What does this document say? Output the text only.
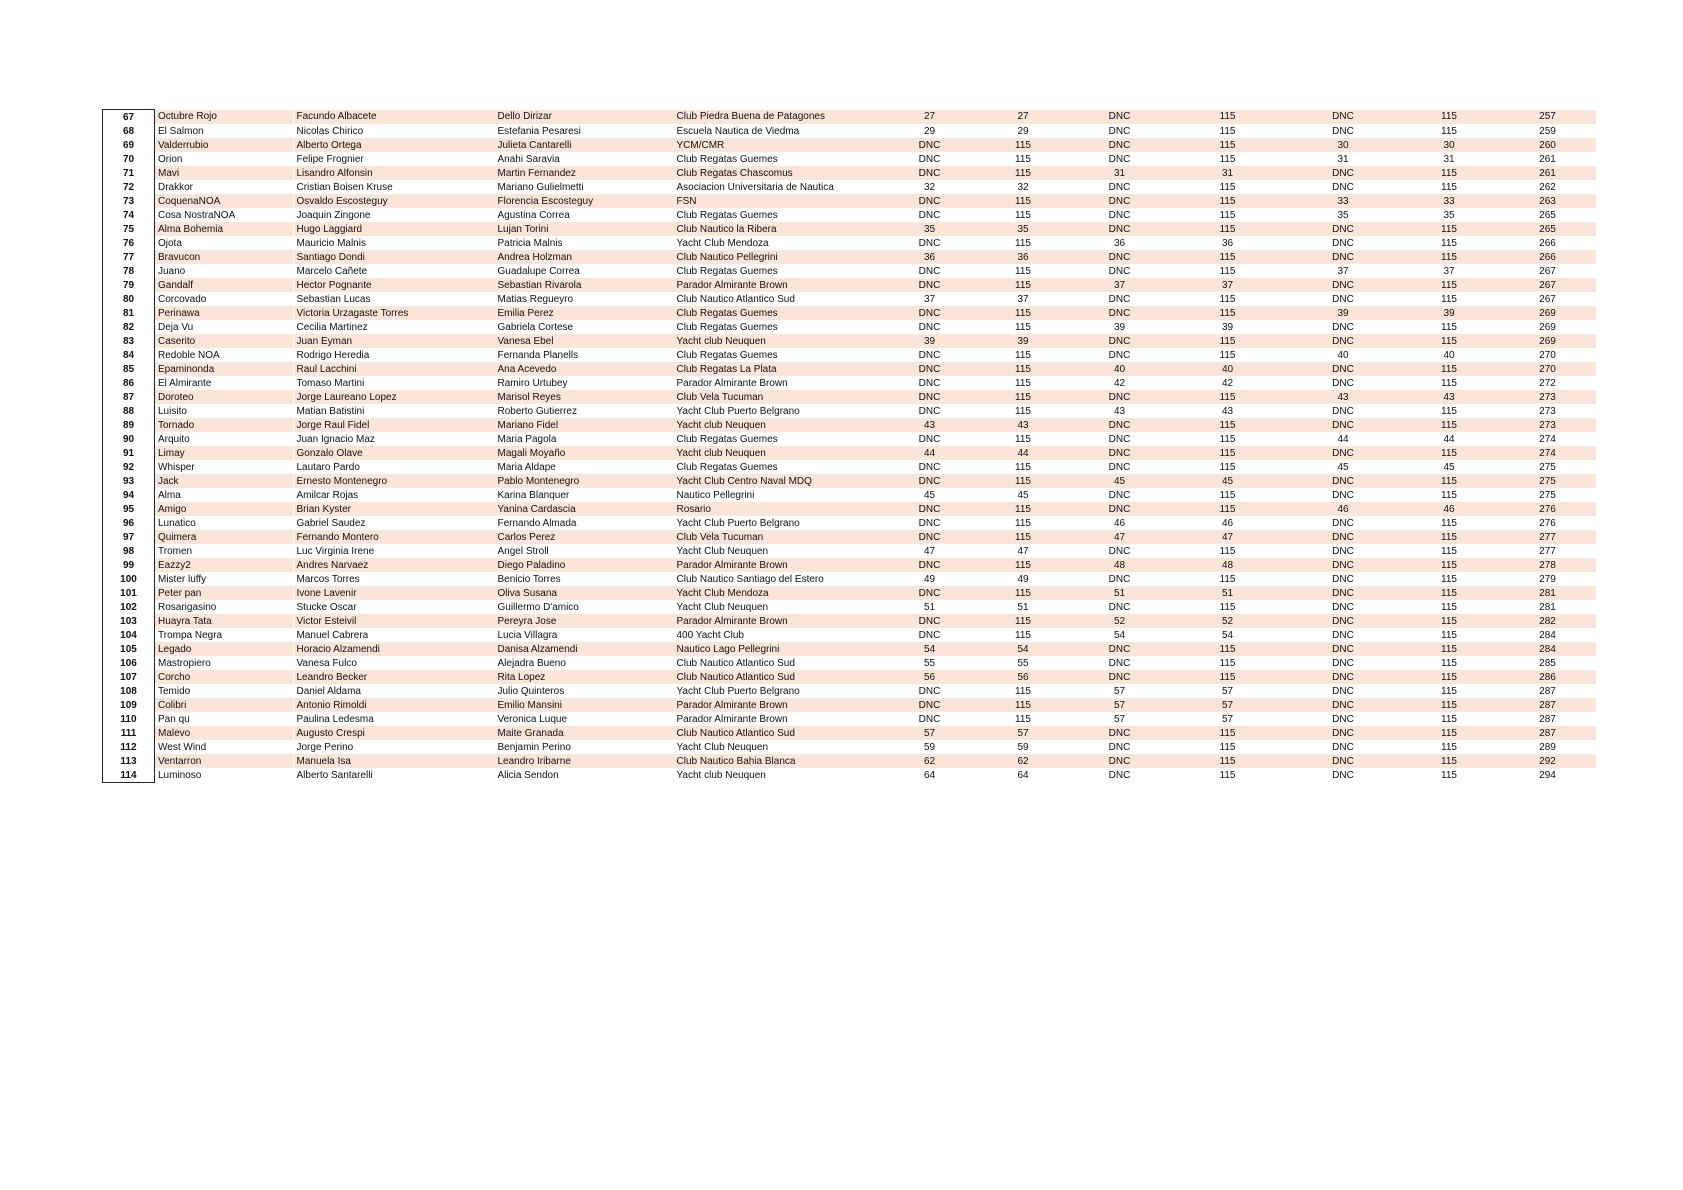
67	Octubre Rojo	Facundo Albacete	Dello Dirizar	Club Piedra Buena de Patagones	27	27	DNC	115	DNC	115	257
68	El Salmon	Nicolas Chirico	Estefania Pesaresi	Escuela Nautica de Viedma	29	29	DNC	115	DNC	115	259
69	Valderrubio	Alberto Ortega	Julieta Cantarelli	YCM/CMR	DNC	115	DNC	115	30	30	260
70	Orion	Felipe Frognier	Anahi Saravia	Club Regatas Guemes	DNC	115	DNC	115	31	31	261
71	Mavi	Lisandro Alfonsin	Martin Fernandez	Club Regatas Chascomus	DNC	115	31	31	DNC	115	261
72	Drakkor	Cristian Boisen Kruse	Mariano Gulielmetti	Asociacion Universitaria de Nautica	32	32	DNC	115	DNC	115	262
73	CoquenaNOA	Osvaldo Escosteguy	Florencia Escosteguy	FSN	DNC	115	DNC	115	33	33	263
74	Cosa NostraNOA	Joaquin Zingone	Agustina Correa	Club Regatas Guemes	DNC	115	DNC	115	35	35	265
75	Alma Bohemia	Hugo Laggiard	Lujan Torini	Club Nautico la Ribera	35	35	DNC	115	DNC	115	265
76	Ojota	Mauricio Malnis	Patricia Malnis	Yacht Club Mendoza	DNC	115	36	36	DNC	115	266
77	Bravucon	Santiago Dondi	Andrea Holzman	Club Nautico Pellegrini	36	36	DNC	115	DNC	115	266
78	Juano	Marcelo Cañete	Guadalupe Correa	Club Regatas Guemes	DNC	115	DNC	115	37	37	267
79	Gandalf	Hector Pognante	Sebastian Rivarola	Parador Almirante Brown	DNC	115	37	37	DNC	115	267
80	Corcovado	Sebastian Lucas	Matias Regueyro	Club Nautico Atlantico Sud	37	37	DNC	115	DNC	115	267
81	Perinawa	Victoria Urzagaste Torres	Emilia Perez	Club Regatas Guemes	DNC	115	DNC	115	39	39	269
82	Deja Vu	Cecilia Martinez	Gabriela Cortese	Club Regatas Guemes	DNC	115	39	39	DNC	115	269
83	Caserito	Juan Eyman	Vanesa Ebel	Yacht club Neuquen	39	39	DNC	115	DNC	115	269
84	Redoble NOA	Rodrigo Heredia	Fernanda Planells	Club Regatas Guemes	DNC	115	DNC	115	40	40	270
85	Epaminonda	Raul Lacchini	Ana Acevedo	Club Regatas La Plata	DNC	115	40	40	DNC	115	270
86	El Almirante	Tomaso Martini	Ramiro Urtubey	Parador Almirante Brown	DNC	115	42	42	DNC	115	272
87	Doroteo	Jorge Laureano Lopez	Marisol Reyes	Club Vela Tucuman	DNC	115	DNC	115	43	43	273
88	Luisito	Matian Batistini	Roberto Gutierrez	Yacht Club Puerto Belgrano	DNC	115	43	43	DNC	115	273
89	Tornado	Jorge Raul Fidel	Mariano Fidel	Yacht club Neuquen	43	43	DNC	115	DNC	115	273
90	Arquito	Juan Ignacio Maz	Maria Pagola	Club Regatas Guemes	DNC	115	DNC	115	44	44	274
91	Limay	Gonzalo Olave	Magali Moyaño	Yacht club Neuquen	44	44	DNC	115	DNC	115	274
92	Whisper	Lautaro Pardo	Maria Aldape	Club Regatas Guemes	DNC	115	DNC	115	45	45	275
93	Jack	Ernesto Montenegro	Pablo Montenegro	Yacht Club Centro Naval MDQ	DNC	115	45	45	DNC	115	275
94	Alma	Amilcar Rojas	Karina Blanquer	Nautico Pellegrini	45	45	DNC	115	DNC	115	275
95	Amigo	Brian Kyster	Yanina Cardascia	Rosario	DNC	115	DNC	115	46	46	276
96	Lunatico	Gabriel Saudez	Fernando Almada	Yacht Club Puerto Belgrano	DNC	115	46	46	DNC	115	276
97	Quimera	Fernando Montero	Carlos Perez	Club Vela Tucuman	DNC	115	47	47	DNC	115	277
98	Tromen	Luc Virginia Irene	Angel Stroll	Yacht Club Neuquen	47	47	DNC	115	DNC	115	277
99	Eazzy2	Andres Narvaez	Diego Paladino	Parador Almirante Brown	DNC	115	48	48	DNC	115	278
100	Mister luffy	Marcos Torres	Benicio Torres	Club Nautico Santiago del Estero	49	49	DNC	115	DNC	115	279
101	Peter pan	Ivone Lavenir	Oliva Susana	Yacht Club Mendoza	DNC	115	51	51	DNC	115	281
102	Rosarigasino	Stucke Oscar	Guillermo D'amico	Yacht Club Neuquen	51	51	DNC	115	DNC	115	281
103	Huayra Tata	Victor Esteivil	Pereyra Jose	Parador Almirante Brown	DNC	115	52	52	DNC	115	282
104	Trompa Negra	Manuel Cabrera	Lucia Villagra	400 Yacht Club	DNC	115	54	54	DNC	115	284
105	Legado	Horacio Alzamendi	Danisa Alzamendi	Nautico Lago Pellegrini	54	54	DNC	115	DNC	115	284
106	Mastropiero	Vanesa Fulco	Alejadra Bueno	Club Nautico Atlantico Sud	55	55	DNC	115	DNC	115	285
107	Corcho	Leandro Becker	Rita Lopez	Club Nautico Atlantico Sud	56	56	DNC	115	DNC	115	286
108	Temido	Daniel Aldama	Julio Quinteros	Yacht Club Puerto Belgrano	DNC	115	57	57	DNC	115	287
109	Colibri	Antonio Rimoldi	Emilio Mansini	Parador Almirante Brown	DNC	115	57	57	DNC	115	287
110	Pan qu	Paulina Ledesma	Veronica Luque	Parador Almirante Brown	DNC	115	57	57	DNC	115	287
111	Malevo	Augusto Crespi	Maite Granada	Club Nautico Atlantico Sud	57	57	DNC	115	DNC	115	287
112	West Wind	Jorge Perino	Benjamin Perino	Yacht Club Neuquen	59	59	DNC	115	DNC	115	289
113	Ventarron	Manuela Isa	Leandro Iribarne	Club Nautico Bahia Blanca	62	62	DNC	115	DNC	115	292
114	Luminoso	Alberto Santarelli	Alicia Sendon	Yacht club Neuquen	64	64	DNC	115	DNC	115	294
